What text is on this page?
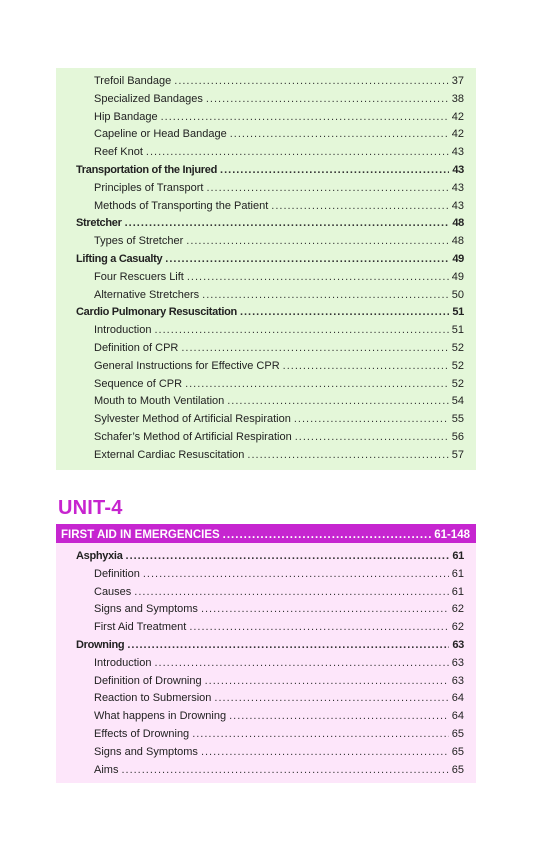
Trefoil Bandage .....	37
Specialized Bandages .....	38
Hip Bandage .....	42
Capeline or Head Bandage .....	42
Reef Knot .....	43
Transportation of the Injured .....	43
Principles of Transport .....	43
Methods of Transporting the Patient .....	43
Stretcher .....	48
Types of Stretcher .....	48
Lifting a Casualty .....	49
Four Rescuers Lift .....	49
Alternative Stretchers .....	50
Cardio Pulmonary Resuscitation .....	51
Introduction .....	51
Definition of CPR .....	52
General Instructions for Effective CPR .....	52
Sequence of CPR .....	52
Mouth to Mouth Ventilation .....	54
Sylvester Method of Artificial Respiration .....	55
Schafer’s Method of Artificial Respiration .....	56
External Cardiac Resuscitation .....	57
UNIT-4
FIRST AID IN EMERGENCIES .....	61-148
Asphyxia .....	61
Definition .....	61
Causes .....	61
Signs and Symptoms .....	62
First Aid Treatment .....	62
Drowning .....	63
Introduction .....	63
Definition of Drowning .....	63
Reaction to Submersion .....	64
What happens in Drowning .....	64
Effects of Drowning .....	65
Signs and Symptoms .....	65
Aims .....	65
